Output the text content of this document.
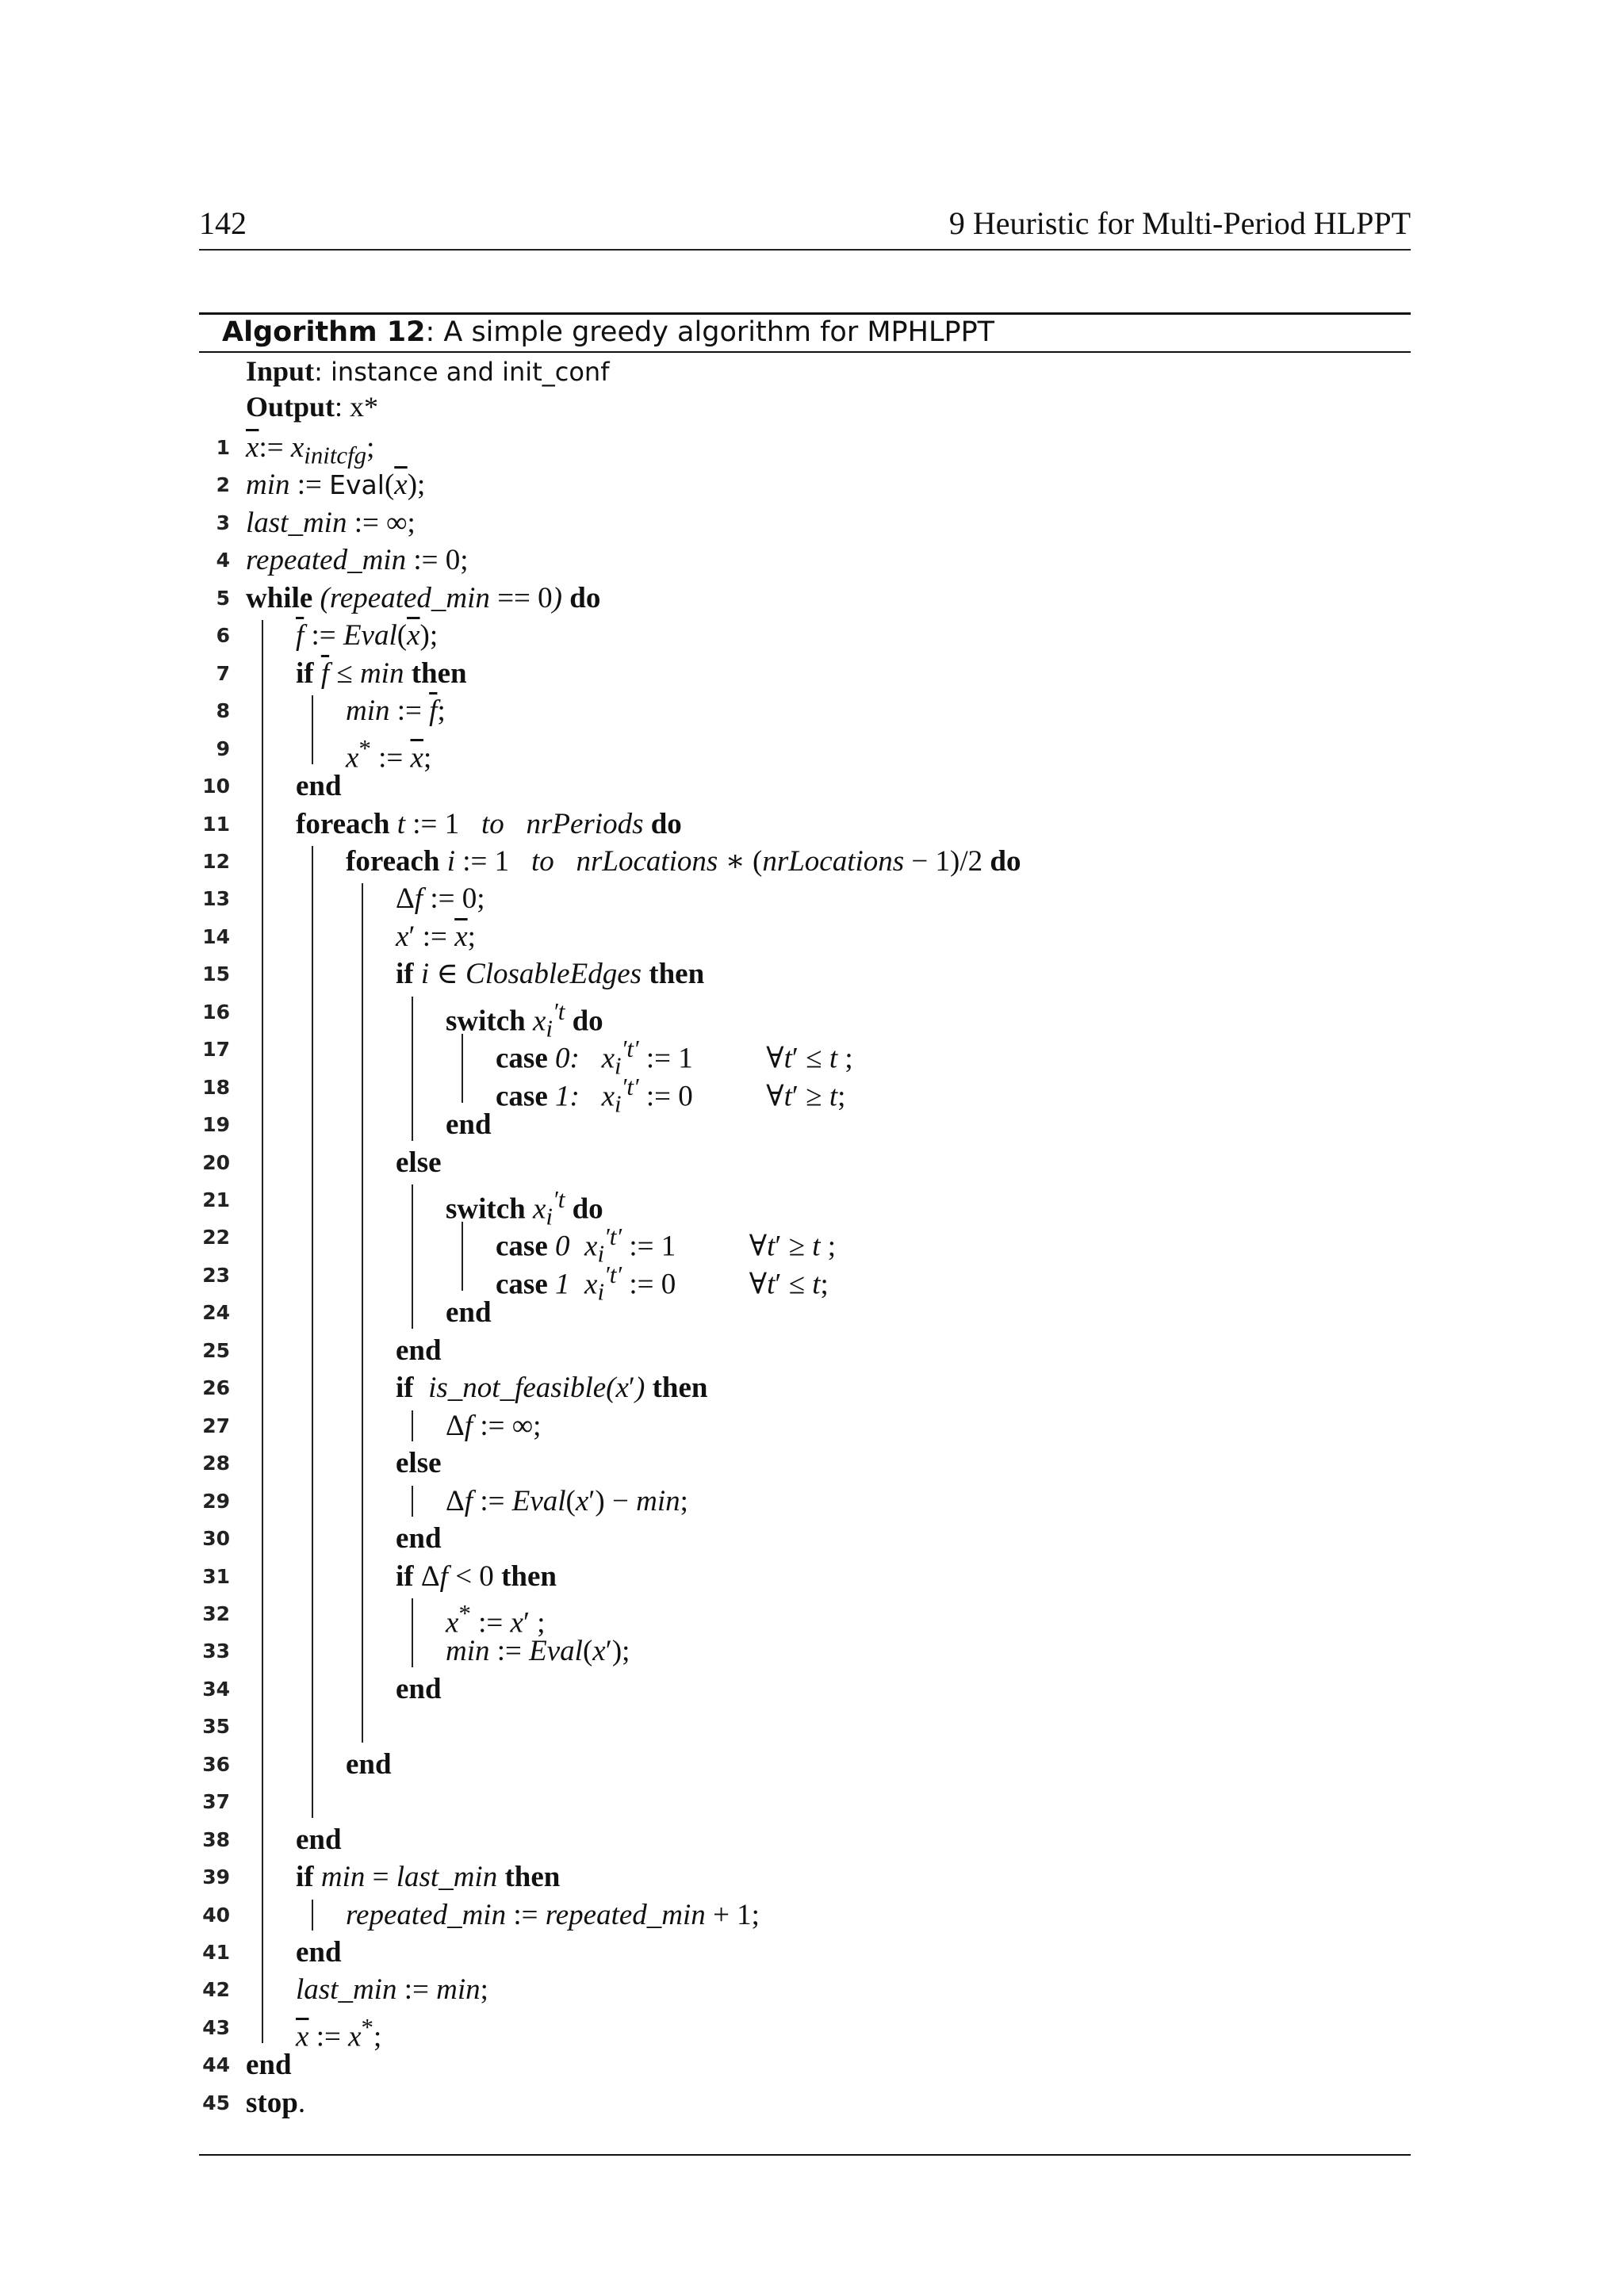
142	9 Heuristic for Multi-Period HLPPT
Algorithm 12: A simple greedy algorithm for MPHLPPT
Input: instance and init_conf
Output: x*
1 $\overline{x}:= x_{initcfg}$;
2 min := $Eval(\overline{x})$;
3 last_min := ∞;
4 repeated_min := 0;
5 while (repeated_min == 0) do
6 $\overline{f}$ := $Eval(\overline{x})$;
7 if $\overline{f} \le \min$ then
8	min := $\overline{f}$;
9	x* := $\overline{x}$;
10 end
11 foreach t := 1   to nrPeriods do
12	foreach i := 1   to nrLocations ∗ (nrLocations − 1)/2 do
13	Δf := 0;
14	x′ := $\overline{x}$;
15	if i ∈ ClosableEdges then
16	switch $x_i^{'t}$ do
17	case 0: $x_i^{'t'}$ := 1          ∀t′ ≤ t ;
18	case 1: $x_i^{'t'}$ := 0          ∀t′ ≥ t;
19	end
20	else
21	switch $x_i^{'t}$ do
22	case 0 $x_i^{'t'}$ := 1          ∀t′ ≥ t ;
23	case 1 $x_i^{'t'}$ := 0          ∀t′ ≤ t;
24	end
25	end
26	if is_not_feasible(x′) then
27	Δf := ∞;
28	else
29	Δf := Eval(x′) − min;
30	end
31	if Δf < 0 then
32	x* := x′ ;
33	min := Eval(x′);
34	end
35
36	end
37
38 end
39 if min = last_min then
40	repeated_min := repeated_min + 1;
41 end
42 last_min := min;
43 $\overline{x}$ := x*;
44 end
45 stop.
